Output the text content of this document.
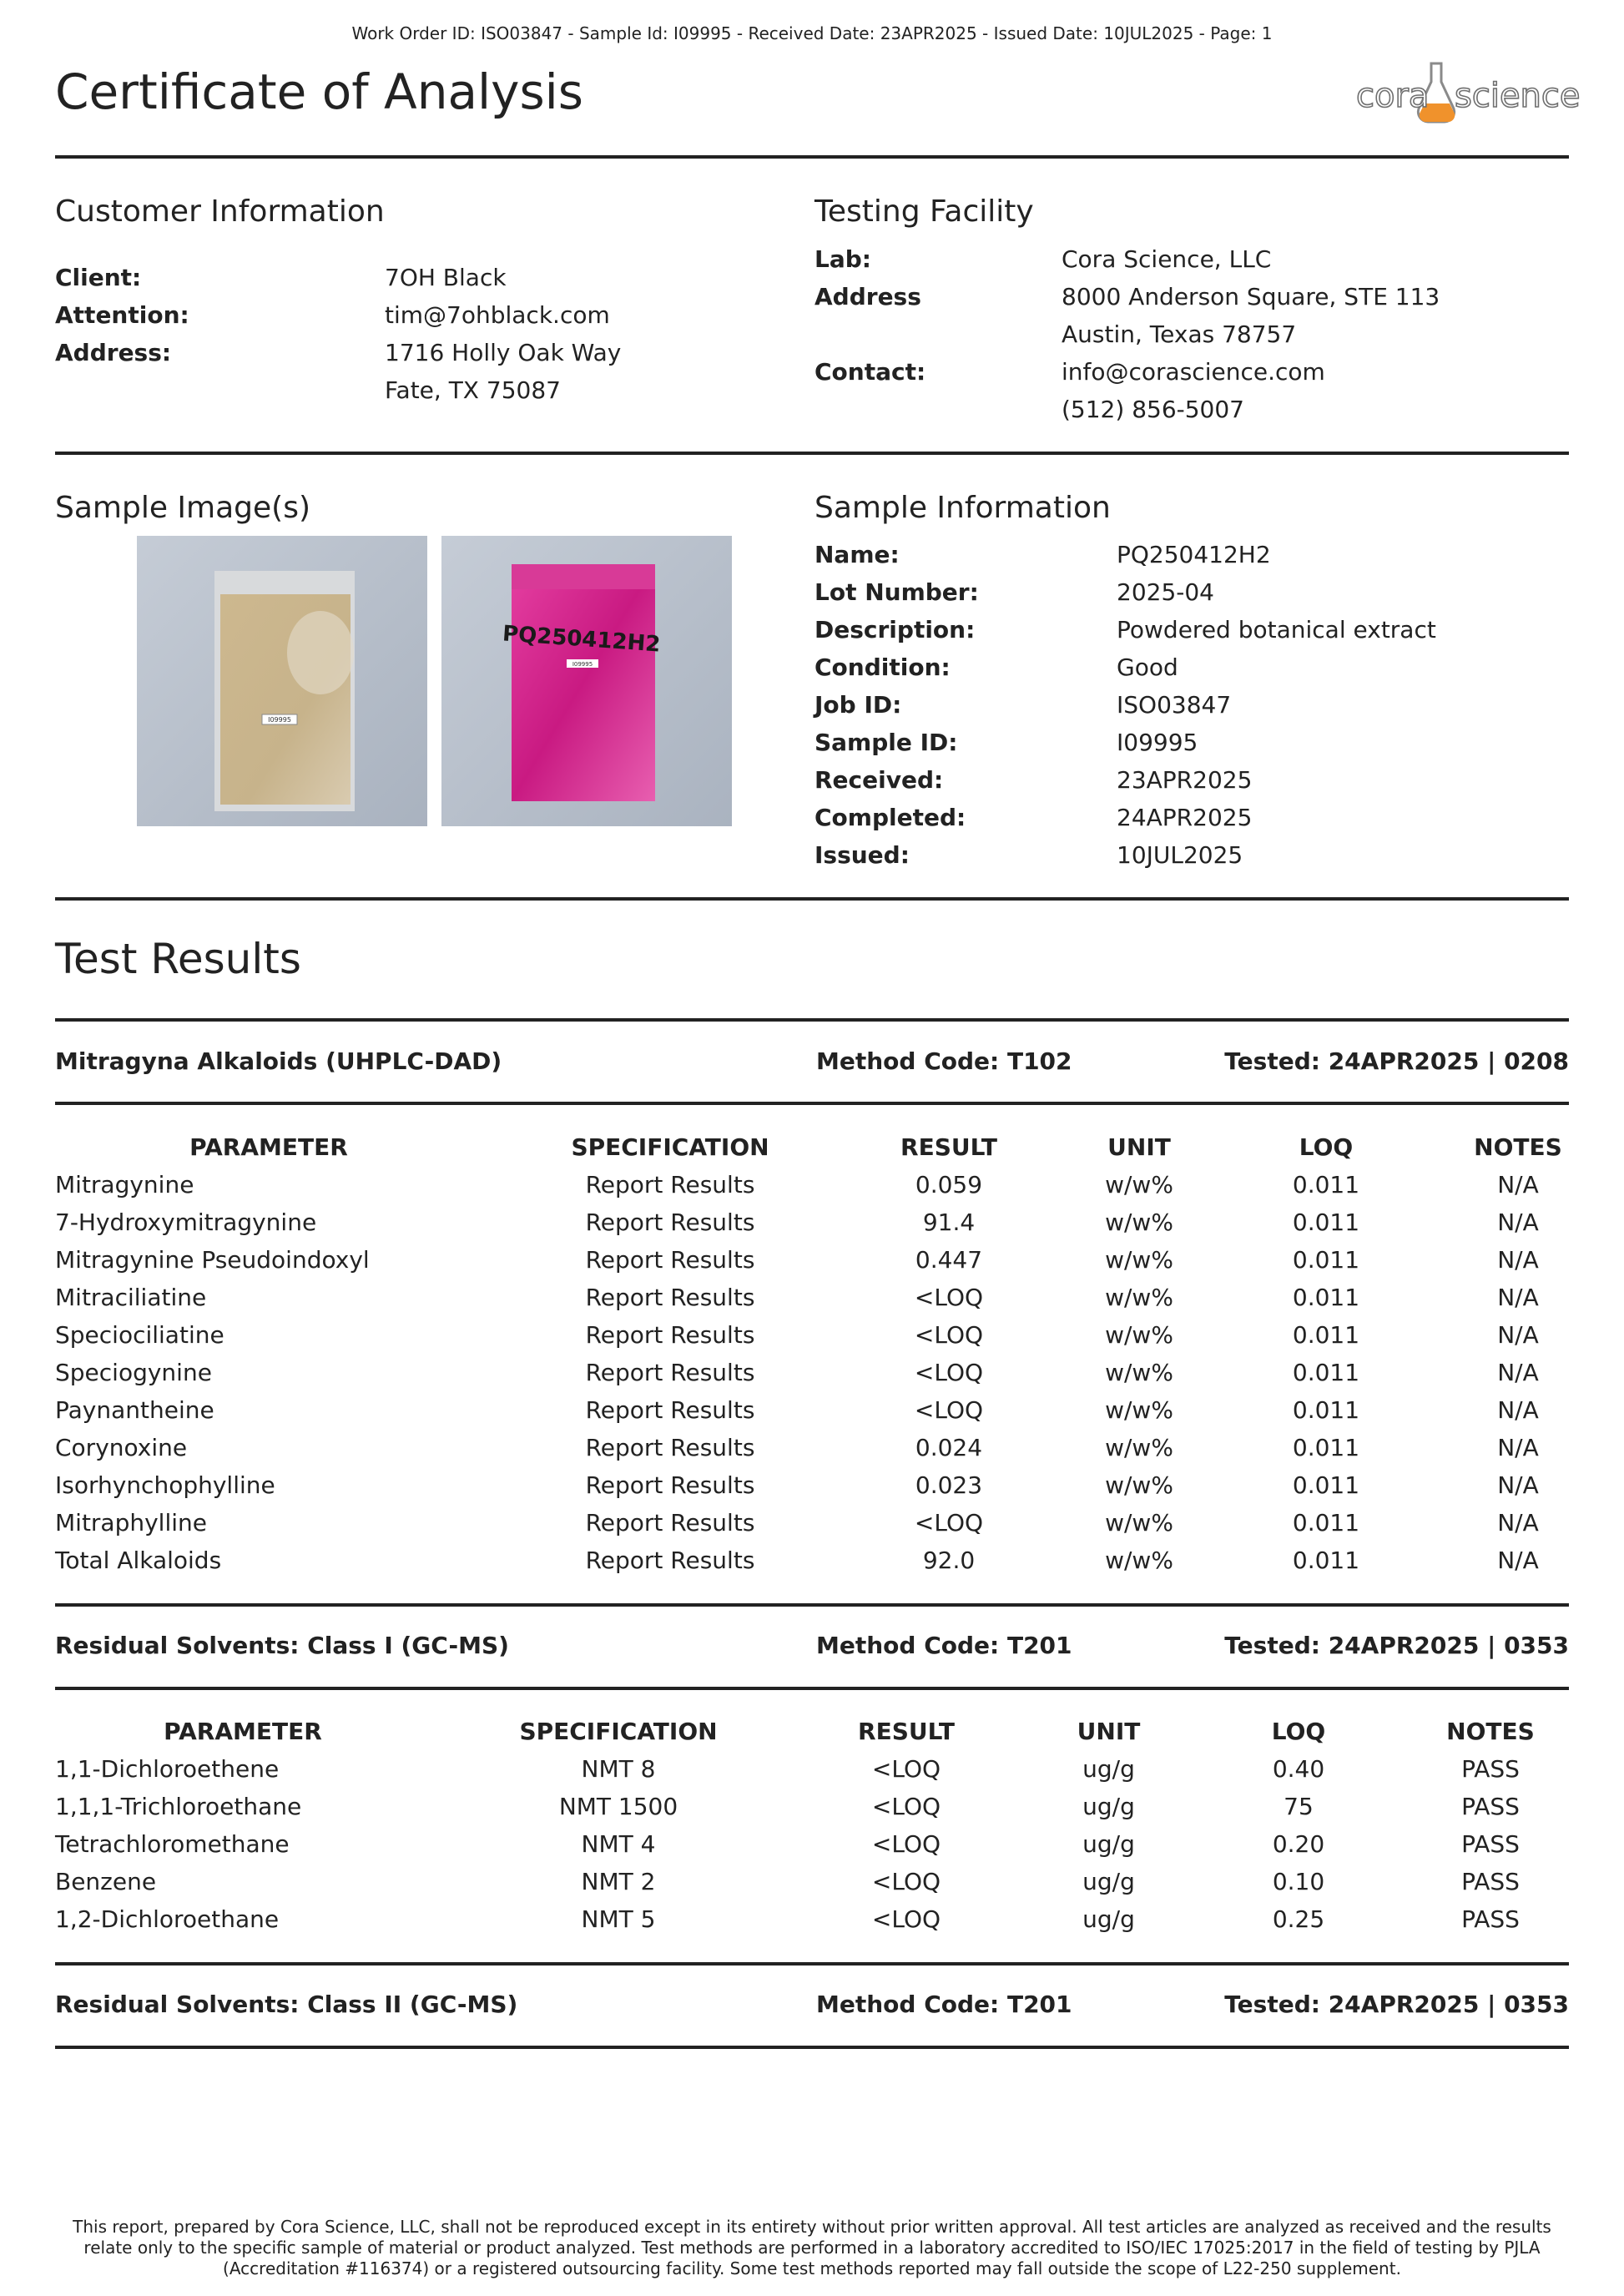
Work Order ID: ISO03847 - Sample Id: I09995 - Received Date: 23APR2025 - Issued Date: 10JUL2025 - Page: 1
Certificate of Analysis	cora science
Customer Information
Client:	7OH Black
Attention:	tim@7ohblack.com
Address:	1716 Holly Oak Way
Fate, TX 75087
Testing Facility
Lab:	Cora Science, LLC
Address	8000 Anderson Square, STE 113
Austin, Texas 78757
Contact:	info@corascience.com
(512) 856-5007
Sample Image(s)
I09995
PQ250412H2
I09995
Sample Information
Name:	PQ250412H2
Lot Number:	2025-04
Description:	Powdered botanical extract
Condition:	Good
Job ID:	ISO03847
Sample ID:	I09995
Received:	23APR2025
Completed:	24APR2025
Issued:	10JUL2025
Test Results
Mitragyna Alkaloids (UHPLC-DAD)	Method Code: T102	Tested: 24APR2025 | 0208
PARAMETER	SPECIFICATION	RESULT	UNIT	LOQ	NOTES
Mitragynine	Report Results	0.059	w/w%	0.011	N/A
7-Hydroxymitragynine	Report Results	91.4	w/w%	0.011	N/A
Mitragynine Pseudoindoxyl	Report Results	0.447	w/w%	0.011	N/A
Mitraciliatine	Report Results	<LOQ	w/w%	0.011	N/A
Speciociliatine	Report Results	<LOQ	w/w%	0.011	N/A
Speciogynine	Report Results	<LOQ	w/w%	0.011	N/A
Paynantheine	Report Results	<LOQ	w/w%	0.011	N/A
Corynoxine	Report Results	0.024	w/w%	0.011	N/A
Isorhynchophylline	Report Results	0.023	w/w%	0.011	N/A
Mitraphylline	Report Results	<LOQ	w/w%	0.011	N/A
Total Alkaloids	Report Results	92.0	w/w%	0.011	N/A
Residual Solvents: Class I (GC-MS)	Method Code: T201	Tested: 24APR2025 | 0353
PARAMETER	SPECIFICATION	RESULT	UNIT	LOQ	NOTES
1,1-Dichloroethene	NMT 8	<LOQ	ug/g	0.40	PASS
1,1,1-Trichloroethane	NMT 1500	<LOQ	ug/g	75	PASS
Tetrachloromethane	NMT 4	<LOQ	ug/g	0.20	PASS
Benzene	NMT 2	<LOQ	ug/g	0.10	PASS
1,2-Dichloroethane	NMT 5	<LOQ	ug/g	0.25	PASS
Residual Solvents: Class II (GC-MS)	Method Code: T201	Tested: 24APR2025 | 0353
This report, prepared by Cora Science, LLC, shall not be reproduced except in its entirety without prior written approval. All test articles are analyzed as received and the results relate only to the specific sample of material or product analyzed. Test methods are performed in a laboratory accredited to ISO/IEC 17025:2017 in the field of testing by PJLA (Accreditation #116374) or a registered outsourcing facility. Some test methods reported may fall outside the scope of L22-250 supplement.
